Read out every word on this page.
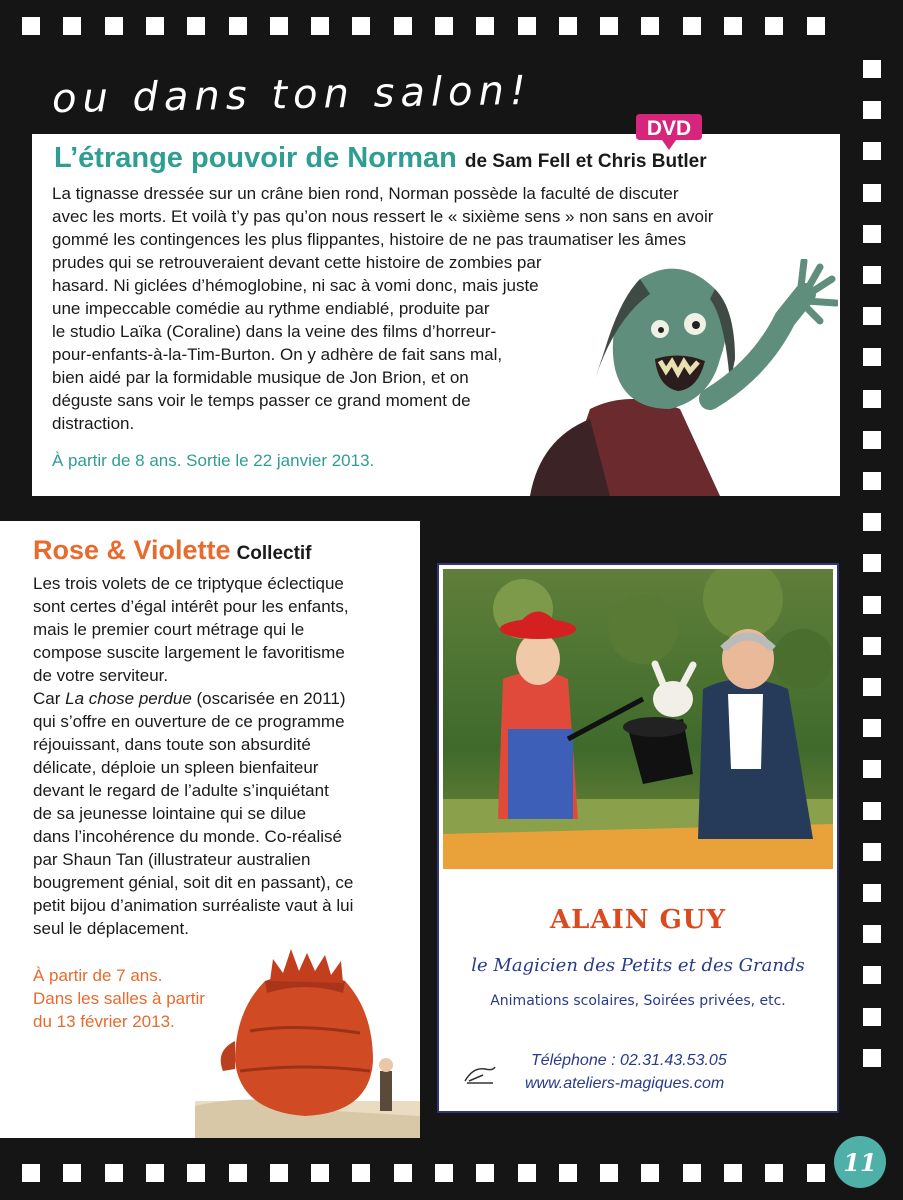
ou dans ton salon!
DVD
L’étrange pouvoir de Norman de Sam Fell et Chris Butler
La tignasse dressée sur un crâne bien rond, Norman possède la faculté de discuter
avec les morts. Et voilà t’y pas qu’on nous ressert le « sixième sens » non sans en avoir
gommé les contingences les plus flippantes, histoire de ne pas traumatiser les âmes
prudes qui se retrouveraient devant cette histoire de zombies par
hasard. Ni giclées d’hémoglobine, ni sac à vomi donc, mais juste
une impeccable comédie au rythme endiablé, produite par
le studio Laïka (Coraline) dans la veine des films d’horreur-
pour-enfants-à-la-Tim-Burton. On y adhère de fait sans mal,
bien aidé par la formidable musique de Jon Brion, et on
déguste sans voir le temps passer ce grand moment de
distraction.
À partir de 8 ans. Sortie le 22 janvier 2013.
Rose & Violette Collectif
Les trois volets de ce triptyque éclectique
sont certes d’égal intérêt pour les enfants,
mais le premier court métrage qui le
compose suscite largement le favoritisme
de votre serviteur.
Car La chose perdue (oscarisée en 2011)
qui s’offre en ouverture de ce programme
réjouissant, dans toute son absurdité
délicate, déploie un spleen bienfaiteur
devant le regard de l’adulte s’inquiétant
de sa jeunesse lointaine qui se dilue
dans l’incohérence du monde. Co-réalisé
par Shaun Tan (illustrateur australien
bougrement génial, soit dit en passant), ce
petit bijou d’animation surréaliste vaut à lui
seul le déplacement.
À partir de 7 ans.
Dans les salles à partir
du 13 février 2013.
ALAIN GUY
le Magicien des Petits et des Grands
Animations scolaires, Soirées privées, etc.
Téléphone : 02.31.43.53.05
www.ateliers-magiques.com
11
